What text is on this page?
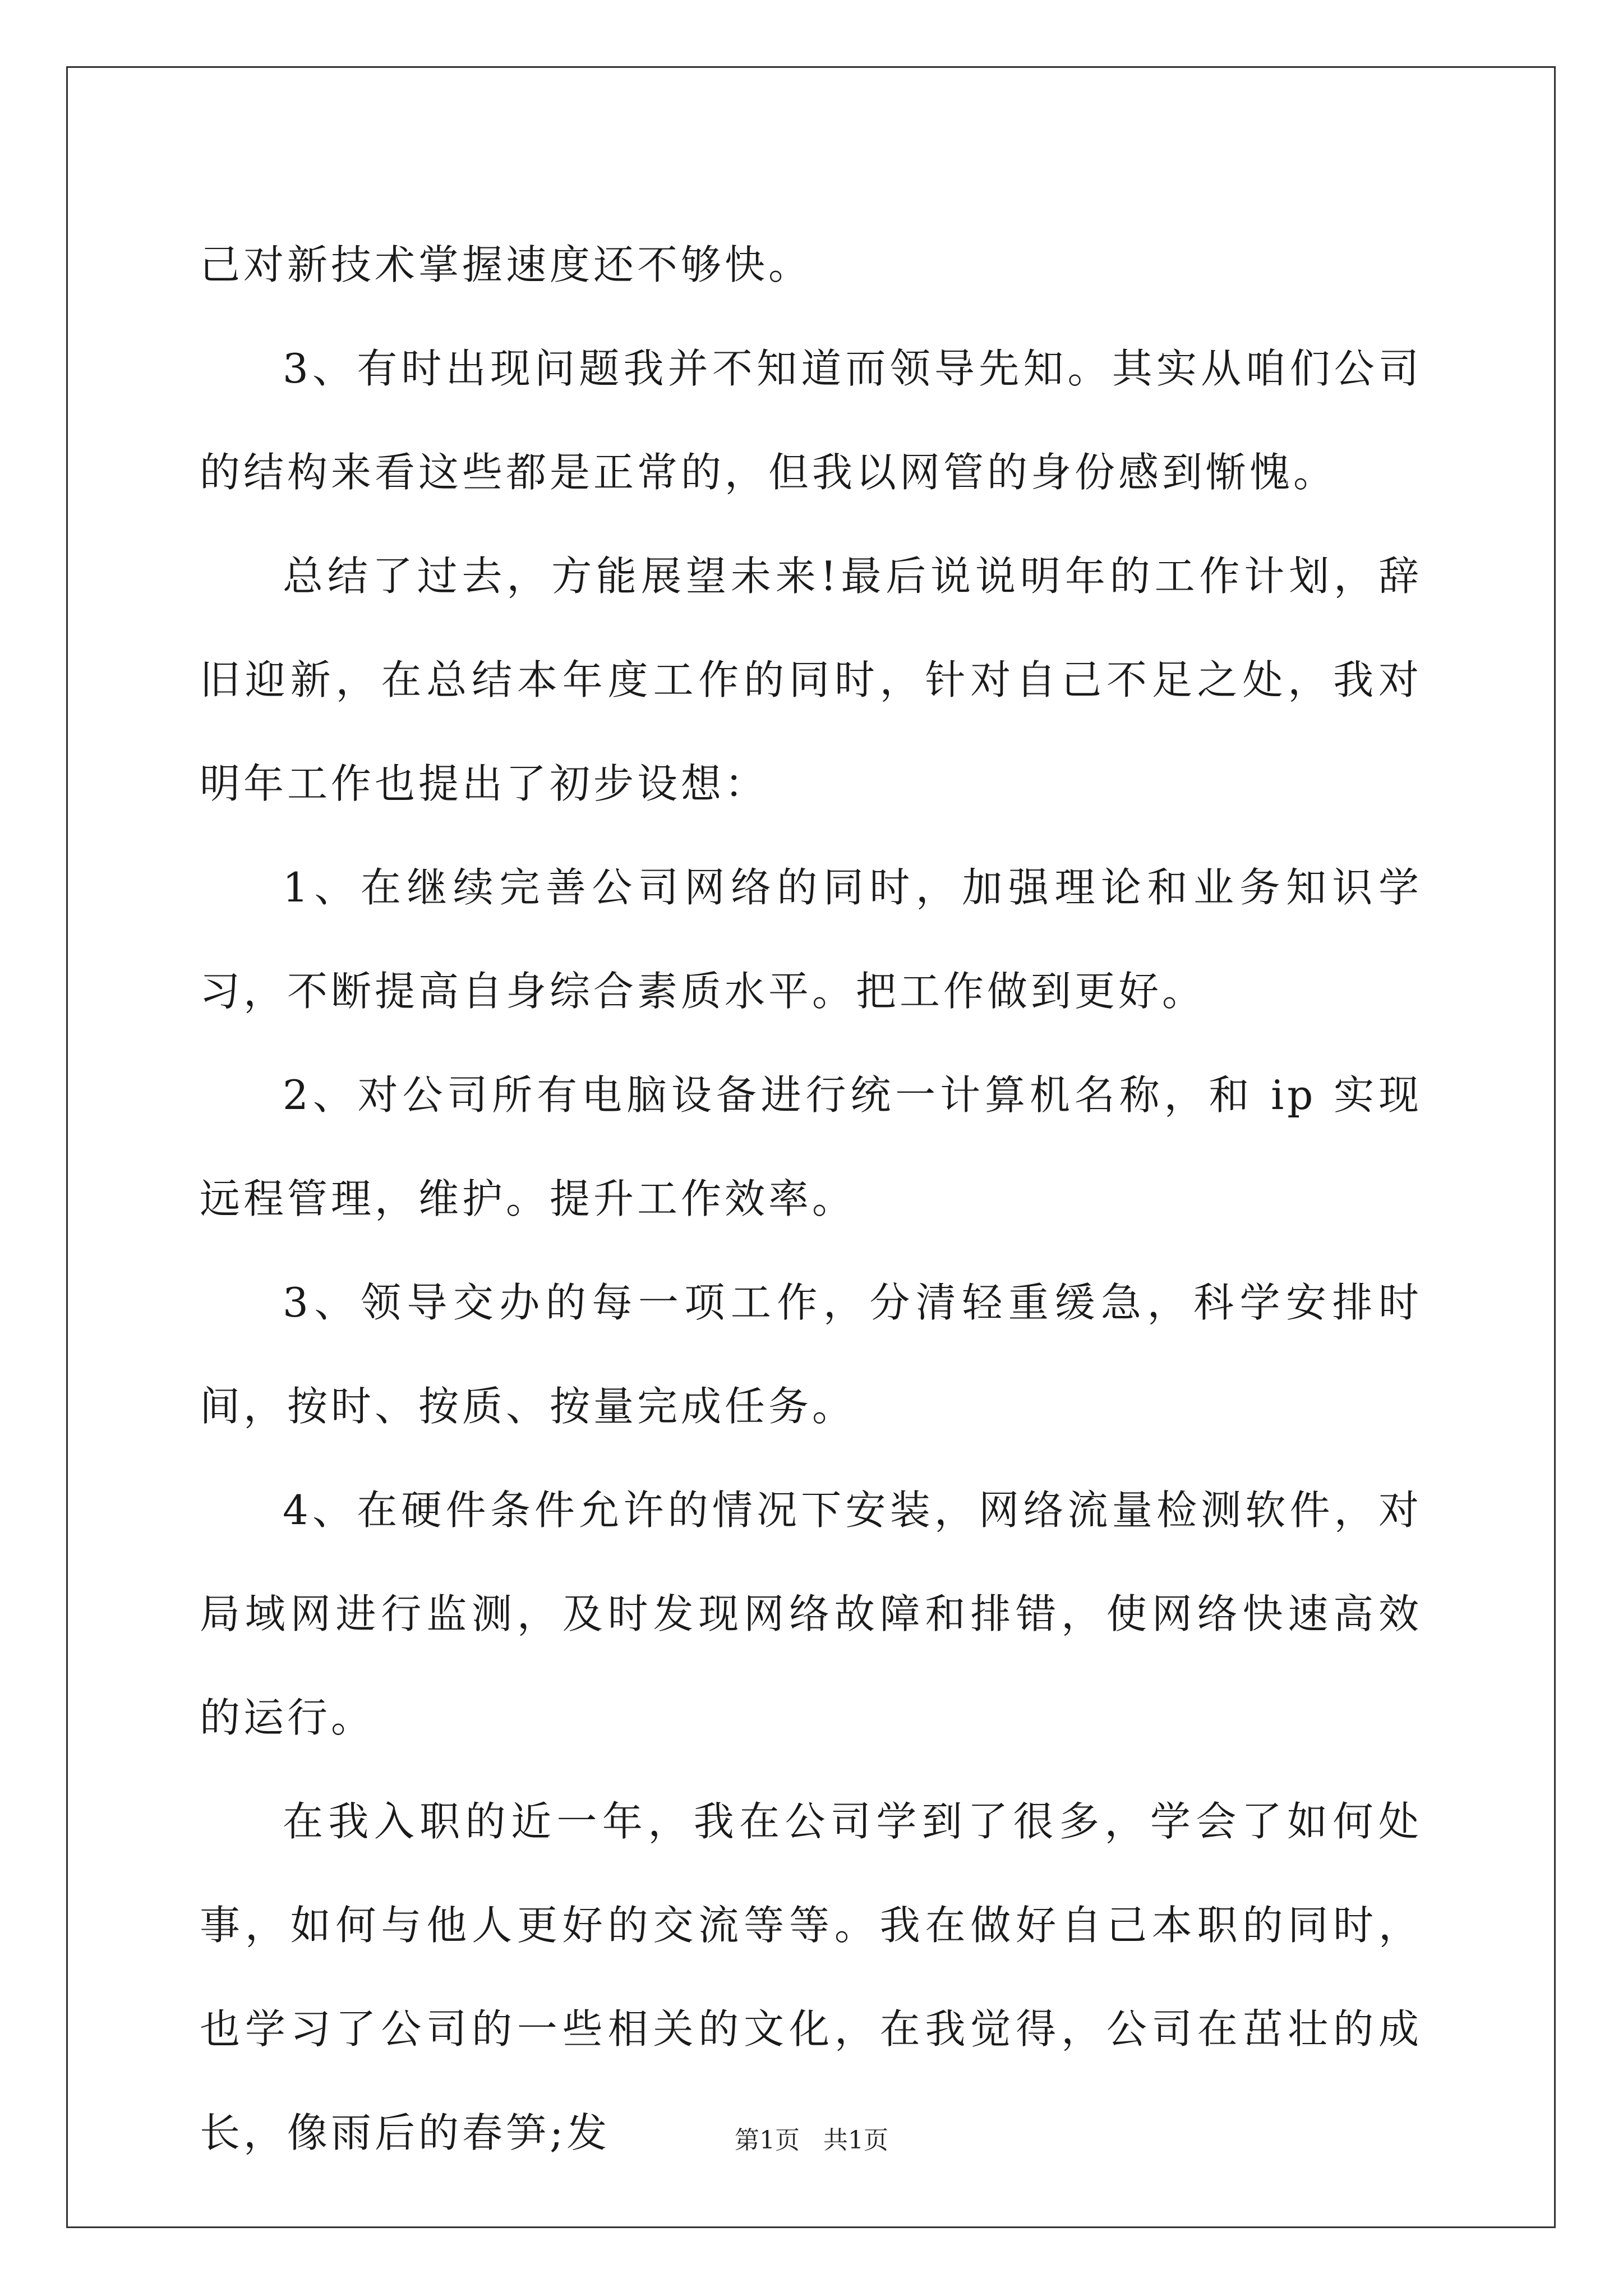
己对新技术掌握速度还不够快。

3、有时出现问题我并不知道而领导先知。其实从咱们公司的结构来看这些都是正常的，但我以网管的身份感到惭愧。

总结了过去，方能展望未来!最后说说明年的工作计划，辞旧迎新，在总结本年度工作的同时，针对自己不足之处，我对明年工作也提出了初步设想：

1、在继续完善公司网络的同时，加强理论和业务知识学习，不断提高自身综合素质水平。把工作做到更好。

2、对公司所有电脑设备进行统一计算机名称，和 ip 实现远程管理，维护。提升工作效率。

3、领导交办的每一项工作，分清轻重缓急，科学安排时间，按时、按质、按量完成任务。

4、在硬件条件允许的情况下安装，网络流量检测软件，对局域网进行监测，及时发现网络故障和排错，使网络快速高效的运行。

在我入职的近一年，我在公司学到了很多，学会了如何处事，如何与他人更好的交流等等。我在做好自己本职的同时，也学习了公司的一些相关的文化，在我觉得，公司在茁壮的成长，像雨后的春笋;发	第1页 共1页
